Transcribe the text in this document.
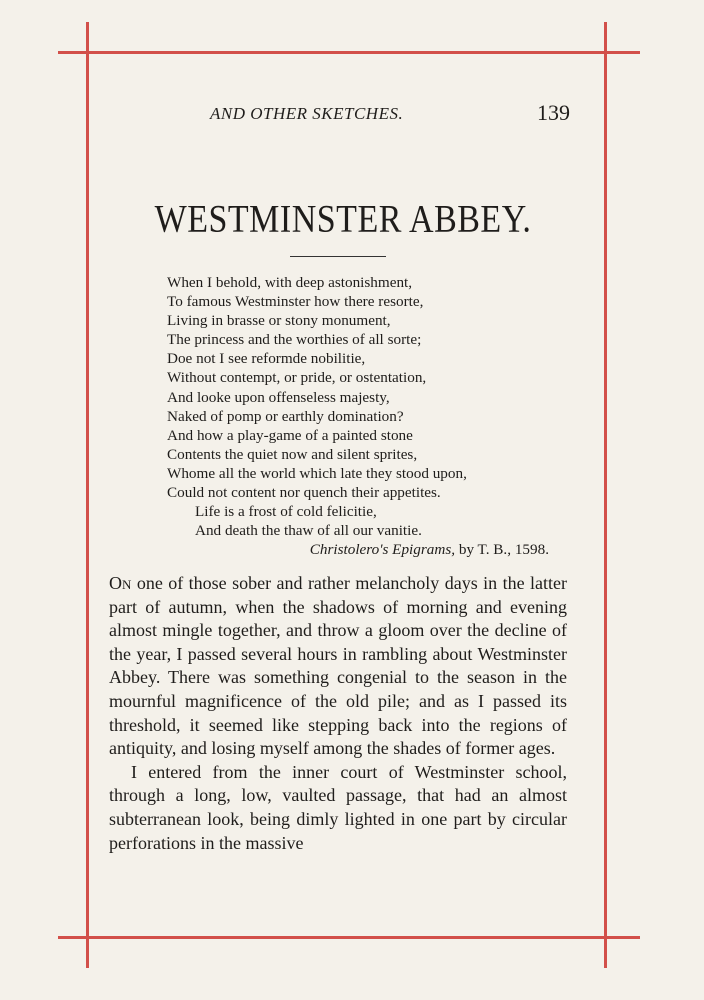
AND OTHER SKETCHES.	139
WESTMINSTER ABBEY.
When I behold, with deep astonishment,
To famous Westminster how there resorte,
Living in brasse or stony monument,
The princess and the worthies of all sorte;
Doe not I see reformde nobilitie,
Without contempt, or pride, or ostentation,
And looke upon offenseless majesty,
Naked of pomp or earthly domination?
And how a play-game of a painted stone
Contents the quiet now and silent sprites,
Whome all the world which late they stood upon,
Could not content nor quench their appetites.
Life is a frost of cold felicitie,
And death the thaw of all our vanitie.
Christolero's Epigrams, by T. B., 1598.

On one of those sober and rather melancholy days in the latter part of autumn, when the shadows of morning and evening almost mingle together, and throw a gloom over the decline of the year, I passed several hours in rambling about Westminster Abbey. There was something congenial to the season in the mournful magnificence of the old pile; and as I passed its threshold, it seemed like stepping back into the regions of antiquity, and losing myself among the shades of former ages.

I entered from the inner court of Westminster school, through a long, low, vaulted passage, that had an almost subterranean look, being dimly lighted in one part by circular perforations in the massive
